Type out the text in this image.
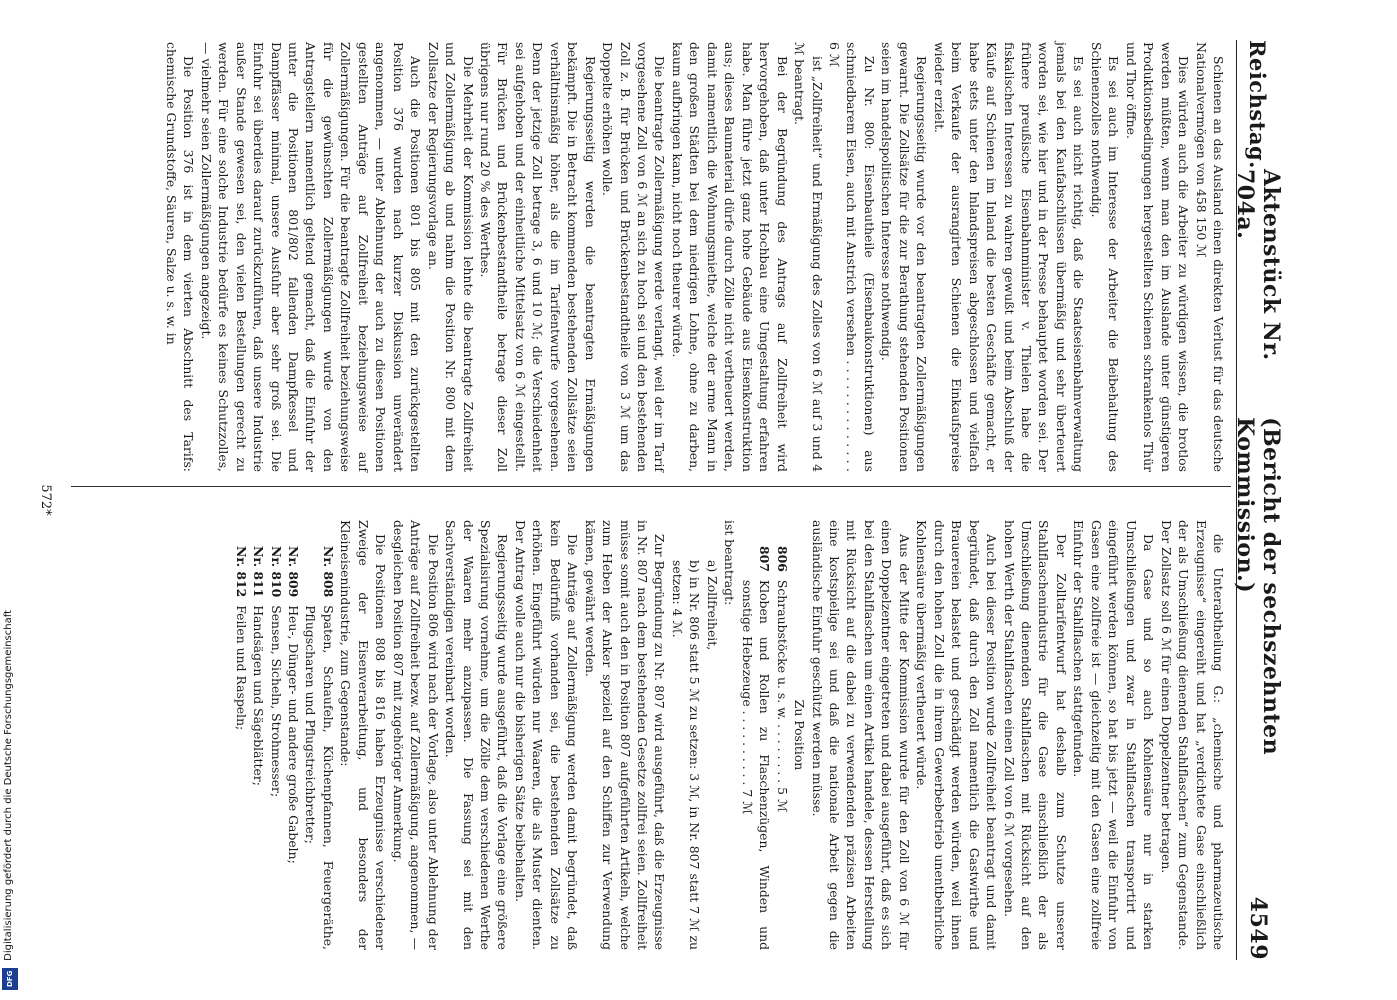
Reichstag.
Aktenstück Nr. 704a.
(Bericht der sechszehnten Kommission.)
4549

Schienen an das Ausland einen direkten Verlust für das deutsche Nationalvermögen von 458 150 ℳ

Dies würden auch die Arbeiter zu würdigen wissen, die brotlos werden müßten, wenn man den im Auslande unter günstigeren Produktionsbedingungen hergestellten Schienen schrankenlos Thür und Thor öffne.

Es sei auch im Interesse der Arbeiter die Beibehaltung des Schienenzolles nothwendig.

Es sei auch nicht richtig, daß die Staatseisenbahnverwaltung jemals bei den Kaufabschlüssen übermäßig und sehr überteuert worden sei, wie hier und in der Presse behauptet worden sei. Der frühere preußische Eisenbahnminister v. Thielen habe die fiskalischen Interessen zu wahren gewußt und beim Abschluß der Käufe auf Schienen im Inland die besten Geschäfte gemacht, er habe stets unter den Inlandspreisen abgeschlossen und vielfach beim Verkaufe der ausrangirten Schienen die Einkaufspreise wieder erzielt.

Regierungsseitig wurde vor den beantragten Zollermäßigungen gewarnt. Die Zollsätze für die zur Berathung stehenden Positionen seien im handelspolitischen Interesse nothwendig.

Zu Nr. 800: Eisenbautheile (Eisenbaukonstruktionen) aus schmiedbarem Eisen, auch mit Anstrich versehen . . . . . . . . . . . . . . 6 ℳ

ist „Zollfreiheit“ und Ermäßigung des Zolles von 6 ℳ auf 3 und 4 ℳ beantragt.

Bei der Begründung des Antrags auf Zollfreiheit wird hervorgehoben, daß unter Hochbau eine Umgestaltung erfahren habe. Man führe jetzt ganz hohe Gebäude aus Eisenkonstruktion aus; dieses Baumaterial dürfe durch Zölle nicht vertheuert werden, damit namentlich die Wohnungsmiethe, welche der arme Mann in den großen Städten bei dem niedrigen Lohne, ohne zu darben, kaum aufbringen kann, nicht noch theurer würde.

Die beantragte Zollermäßigung werde verlangt, weil der im Tarif vorgesehene Zoll von 6 ℳ an sich zu hoch sei und den bestehenden Zoll z. B. für Brücken und Brückenbestandtheile von 3 ℳ um das Doppelte erhöhen wolle.

Regierungsseitig werden die beantragten Ermäßigungen bekämpft. Die in Betracht kommenden bestehenden Zollsätze seien verhältnismäßig höher, als die im Tarifentwurfe vorgesehenen. Denn der jetzige Zoll betrage 3, 6 und 10 ℳ; die Verschiedenheit sei aufgehoben und der einheitliche Mittelsatz von 6 ℳ eingestellt. Für Brücken und Brückenbestandtheile betrage dieser Zoll übrigens nur rund 20 % des Werthes.

Die Mehrheit der Kommission lehnte die beantragte Zollfreiheit und Zollermäßigung ab und nahm die Position Nr. 800 mit dem Zollsatze der Regierungsvorlage an.

Auch die Positionen 801 bis 805 mit den zurückgestellten Position 376 wurden nach kurzer Diskussion unverändert angenommen, — unter Ablehnung der auch zu diesen Positionen gestellten Anträge auf Zollfreiheit beziehungsweise auf Zollermäßigungen. Für die beantragte Zollfreiheit beziehungsweise für die gewünschten Zollermäßigungen wurde von den Antragstellern namentlich geltend gemacht, daß die Einfuhr der unter die Positionen 801/802 fallenden Dampfkessel und Dampffässer minimal, unsere Ausfuhr aber sehr groß sei. Die Einfuhr sei überdies darauf zurückzuführen, daß unsere Industrie außer Stande gewesen sei, den vielen Bestellungen gerecht zu werden. Für eine solche Industrie bedürfe es keines Schutzzolles, — vielmehr seien Zollermäßigungen angezeigt.

Die Position 376 ist in dem vierten Abschnitt des Tarifs: chemische Grundstoffe, Säuren, Salze u. s. w. in

die Unterabtheilung G.: „chemische und pharmazeutische Erzeugnisse“ eingereiht und hat „verdichtete Gase einschließlich der als Umschließung dienenden Stahlflaschen“ zum Gegenstande. Der Zollsatz soll 6 ℳ für einen Doppelzentner betragen.

Da Gase und so auch Kohlensäure nur in starken Umschließungen und zwar in Stahlflaschen transportirt und eingeführt werden können, so hat bis jetzt — weil die Einfuhr von Gasen eine zollfreie ist — gleichzeitig mit den Gasen eine zollfreie Einfuhr der Stahlflaschen stattgefunden.

Der Zolltarifentwurf hat deshalb zum Schutze unserer Stahlflaschenindustrie für die Gase einschließlich der als Umschließung dienenden Stahlflaschen mit Rücksicht auf den hohen Werth der Stahlflaschen einen Zoll von 6 ℳ vorgesehen.

Auch bei dieser Position wurde Zollfreiheit beantragt und damit begründet, daß durch den Zoll namentlich die Gastwirthe und Brauereien belastet und geschädigt werden würden, weil ihnen durch den hohen Zoll die in ihrem Gewerbebetrieb unentbehrliche Kohlensäure übermäßig vertheuert würde.

Aus der Mitte der Kommission wurde für den Zoll von 6 ℳ für einen Doppelzentner eingetreten und dabei ausgeführt, daß es sich bei den Stahlflaschen um einen Artikel handele, dessen Herstellung mit Rücksicht auf die dabei zu verwendenden präzisen Arbeiten eine kostspielige sei und daß die nationale Arbeit gegen die ausländische Einfuhr geschützt werden müsse.

Zu Position

806
Schraubstöcke u. s. w. . . . . . . . . 5 ℳ
807
Kloben und Rollen zu Flaschenzügen, Winden und sonstige Hebezeuge . . . . . . . . . . 7 ℳ

ist beantragt:

a) Zollfreiheit,

b) in Nr. 806 statt 5 ℳ zu setzen: 3 ℳ, in Nr. 807 statt 7 ℳ zu setzen: 4 ℳ.

Zur Begründung zu Nr. 807 wird ausgeführt, daß die Erzeugnisse in Nr. 807 nach dem bestehenden Gesetze zollfrei seien. Zollfreiheit müsse somit auch den in Position 807 aufgeführten Artikeln, welche zum Heben der Anker speziell auf den Schiffen zur Verwendung kämen, gewährt werden.

Die Anträge auf Zollermäßigung werden damit begründet, daß kein Bedürfniß vorhanden sei, die bestehenden Zollsätze zu erhöhen. Eingeführt würden nur Waaren, die als Muster dienten. Der Antrag wolle auch nur die bisherigen Sätze beibehalten.

Regierungsseitig wurde ausgeführt, daß die Vorlage eine größere Spezialisirung vornehme, um die Zölle dem verschiedenen Werthe der Waaren mehr anzupassen. Die Fassung sei mit den Sachverständigen vereinbart worden.

Die Position 806 wird nach der Vorlage, also unter Ablehnung der Anträge auf Zollfreiheit bezw. auf Zollermäßigung, angenommen, — desgleichen Position 807 mit zugehöriger Anmerkung.

Die Positionen 808 bis 816 haben Erzeugnisse verschiedener Zweige der Eisenverarbeitung, und besonders der Kleineisenindustrie, zum Gegenstande:

Nr. 808
Spaten, Schaufeln, Küchenpfannen, Feuergeräthe, Pflugscharen und Pflugstreichbretter;
Nr. 809
Heu-, Dünger- und andere große Gabeln;
Nr. 810
Sensen, Sicheln, Strohmesser;
Nr. 811
Handsägen und Sägeblätter;
Nr. 812
Feilen und Raspeln;
572*
Digitalisierung gefördert durch die Deutsche Forschungsgemeinschaft
DFG
